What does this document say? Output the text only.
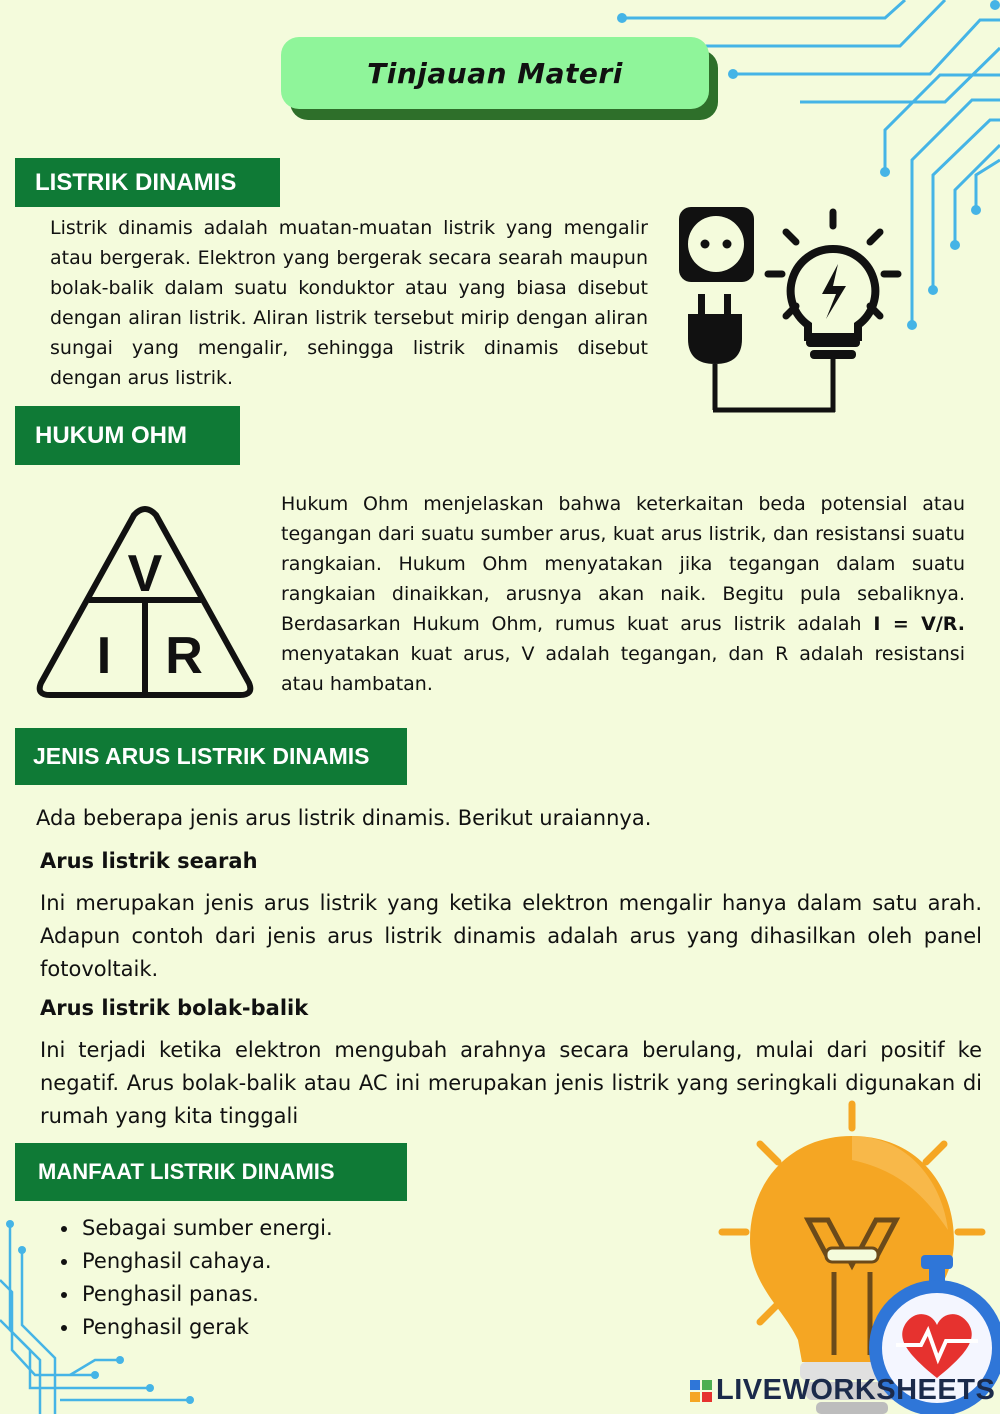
Tinjauan Materi
LISTRIK DINAMIS

Listrik dinamis adalah muatan-muatan listrik yang mengalir atau bergerak. Elektron yang bergerak secara searah maupun bolak-balik dalam suatu konduktor atau yang biasa disebut dengan aliran listrik. Aliran listrik tersebut mirip dengan aliran sungai yang mengalir, sehingga listrik dinamis disebut dengan arus listrik.

HUKUM OHM
V
I R

Hukum Ohm menjelaskan bahwa keterkaitan beda potensial atau tegangan dari suatu sumber arus, kuat arus listrik, dan resistansi suatu rangkaian. Hukum Ohm menyatakan jika tegangan dalam suatu rangkaian dinaikkan, arusnya akan naik. Begitu pula sebaliknya. Berdasarkan Hukum Ohm, rumus kuat arus listrik adalah I = V/R. menyatakan kuat arus, V adalah tegangan, dan R adalah resistansi atau hambatan.

JENIS ARUS LISTRIK DINAMIS
Ada beberapa jenis arus listrik dinamis. Berikut uraiannya.
Arus listrik searah

Ini merupakan jenis arus listrik yang ketika elektron mengalir hanya dalam satu arah. Adapun contoh dari jenis arus listrik dinamis adalah arus yang dihasilkan oleh panel fotovoltaik.

Arus listrik bolak-balik

Ini terjadi ketika elektron mengubah arahnya secara berulang, mulai dari positif ke negatif. Arus bolak-balik atau AC ini merupakan jenis listrik yang seringkali digunakan di rumah yang kita tinggali

MANFAAT LISTRIK DINAMIS
• Sebagai sumber energi.
• Penghasil cahaya.
• Penghasil panas.
• Penghasil gerak
LIVEWORKSHEETS
